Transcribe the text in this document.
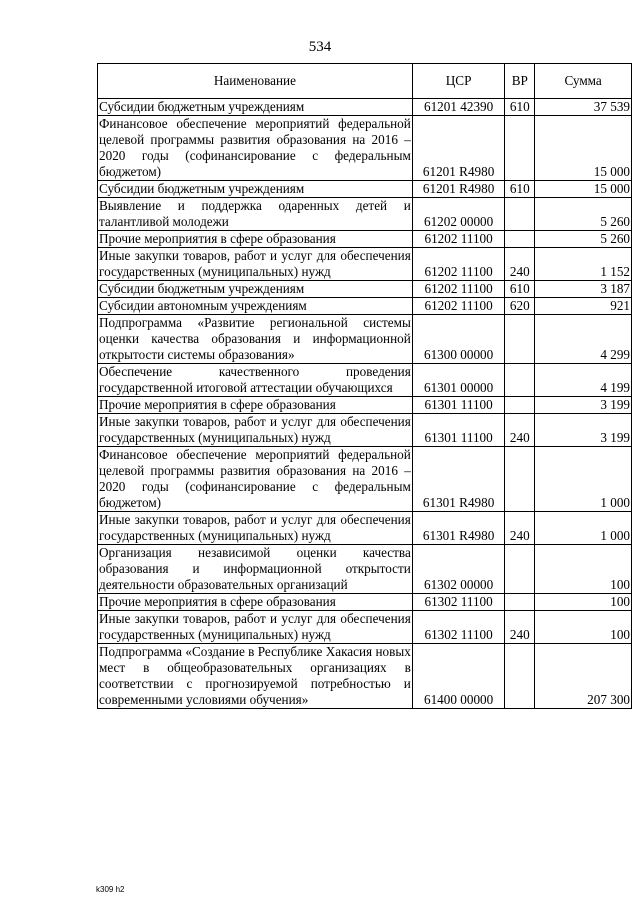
534
Наименование	ЦСР	ВР	Сумма
Субсидии бюджетным учреждениям	61201 42390	610	37 539
Финансовое обеспечение мероприятий федеральной целевой программы развития образования на 2016 – 2020 годы (софинансирование с федеральным бюджетом)	61201 R4980		15 000
Субсидии бюджетным учреждениям	61201 R4980	610	15 000
Выявление и поддержка одаренных детей и талантливой молодежи	61202 00000		5 260
Прочие мероприятия в сфере образования	61202 11100		5 260
Иные закупки товаров, работ и услуг для обеспечения государственных (муниципальных) нужд	61202 11100	240	1 152
Субсидии бюджетным учреждениям	61202 11100	610	3 187
Субсидии автономным учреждениям	61202 11100	620	921
Подпрограмма «Развитие региональной системы оценки качества образования и информационной открытости системы образования»	61300 00000		4 299
Обеспечение качественного проведения государственной итоговой аттестации обучающихся	61301 00000		4 199
Прочие мероприятия в сфере образования	61301 11100		3 199
Иные закупки товаров, работ и услуг для обеспечения государственных (муниципальных) нужд	61301 11100	240	3 199
Финансовое обеспечение мероприятий федеральной целевой программы развития образования на 2016 – 2020 годы (софинансирование с федеральным бюджетом)	61301 R4980		1 000
Иные закупки товаров, работ и услуг для обеспечения государственных (муниципальных) нужд	61301 R4980	240	1 000
Организация независимой оценки качества образования и информационной открытости деятельности образовательных организаций	61302 00000		100
Прочие мероприятия в сфере образования	61302 11100		100
Иные закупки товаров, работ и услуг для обеспечения государственных (муниципальных) нужд	61302 11100	240	100
Подпрограмма «Создание в Республике Хакасия новых мест в общеобразовательных организациях в соответствии с прогнозируемой потребностью и современными условиями обучения»	61400 00000		207 300
k309 h2
